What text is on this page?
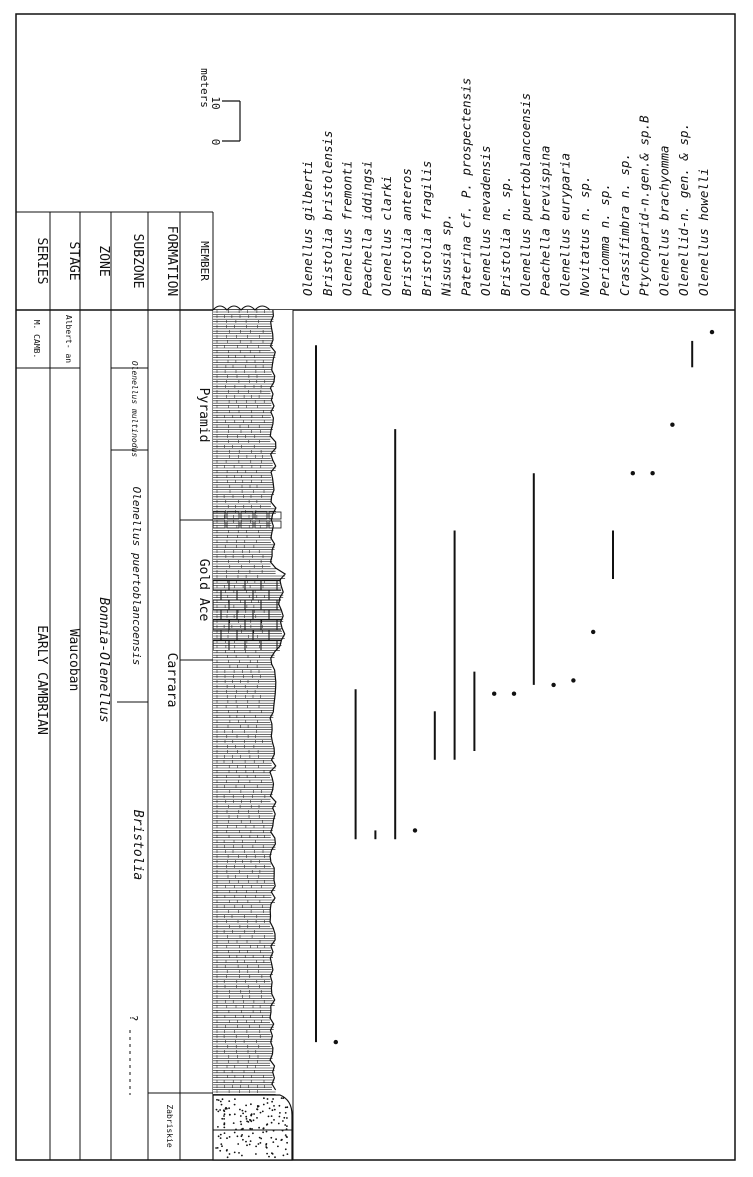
SERIES STAGE ZONE SUBZONE FORMATION MEMBER
M. CAMB.
EARLY CAMBRIAN
Albert- an
Waucoban Bonnia-Olenellus
Olenellus multinodus
Olenellus puertoblancoensis
Bristolia
?
Carrara
Zabriskie
Pyramid
Gold Ace
meters
10
0
Olenellus gilberti Bristolia bristolensis Olenellus fremonti Peachella iddingsi Olenellus clarki Bristolia anteros Bristolia fragilis Nisusia sp. Paterina cf. P. prospectensis Olenellus nevadensis Bristolia n. sp. Olenellus puertoblancoensis Peachella brevispina Olenellus euryparia Novitatus n. sp. Periomma n. sp. Crassifimbra n. sp. Ptychoparid-n.gen.& sp.B Olenellus brachyomma Olenellid-n. gen. & sp. Olenellus howelli
